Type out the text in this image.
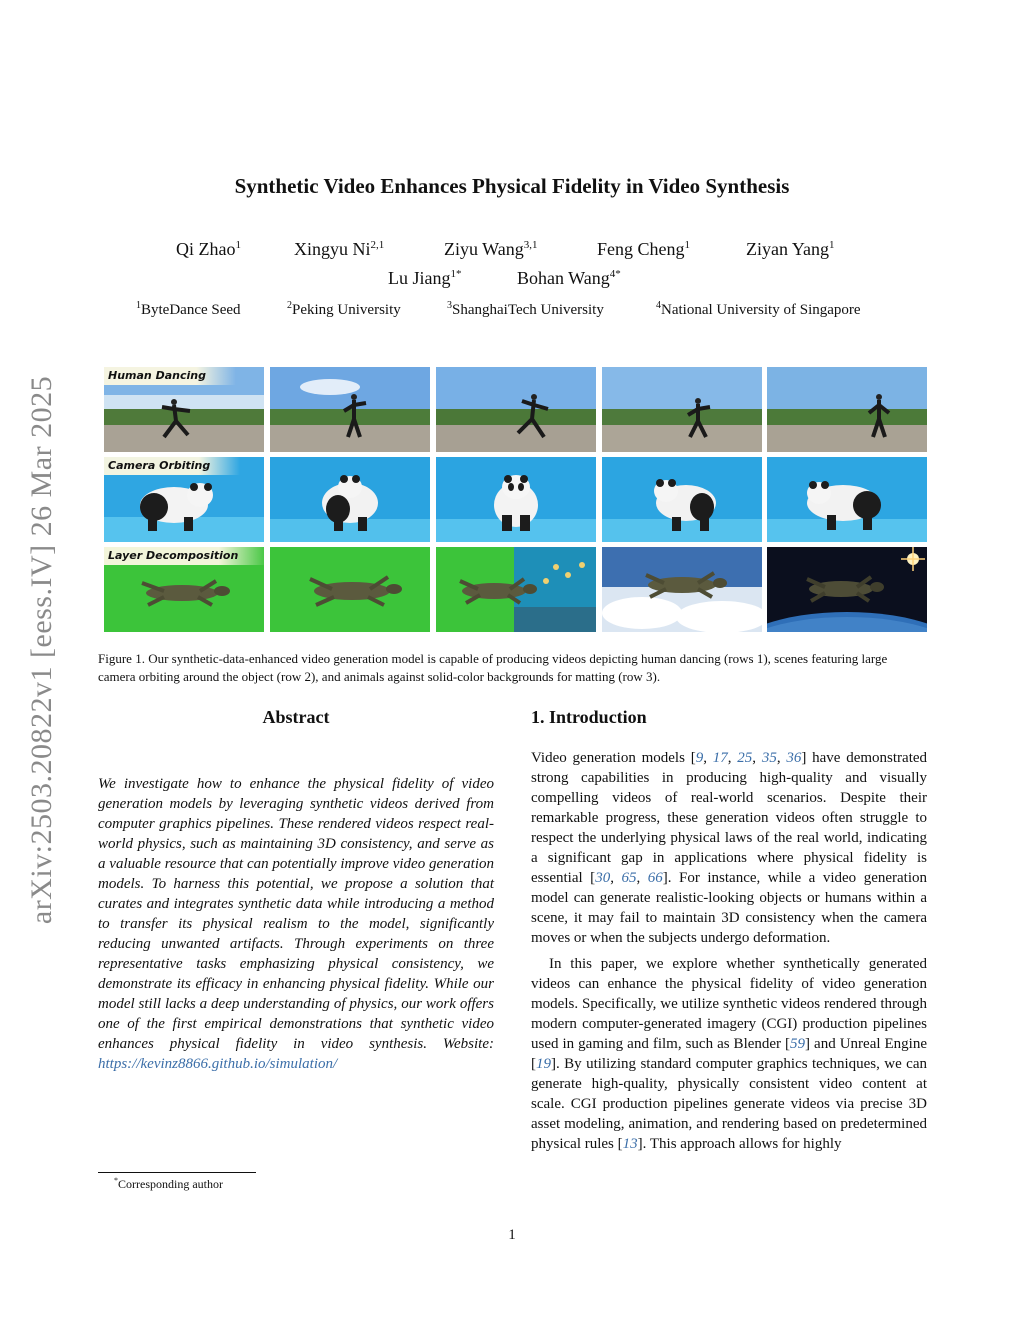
arXiv:2503.20822v1 [eess.IV] 26 Mar 2025
Synthetic Video Enhances Physical Fidelity in Video Synthesis
Qi Zhao$^1$	Xingyu Ni$^{2,1}$	Ziyu Wang$^{3,1}$	Feng Cheng$^1$	Ziyan Yang$^1$
Lu Jiang$^{1*}$	Bohan Wang$^{4*}$
$^1$ByteDance Seed	$^2$Peking University	$^3$ShanghaiTech University	$^4$National University of Singapore
Human Dancing
Camera Orbiting
Layer Decomposition
Figure 1. Our synthetic-data-enhanced video generation model is capable of producing videos depicting human dancing (rows 1), scenes featuring large camera orbiting around the object (row 2), and animals against solid-color backgrounds for matting (row 3).
Abstract
We investigate how to enhance the physical fidelity of video generation models by leveraging synthetic videos derived from computer graphics pipelines. These rendered videos respect real-world physics, such as maintaining 3D consistency, and serve as a valuable resource that can potentially improve video generation models. To harness this potential, we propose a solution that curates and integrates synthetic data while introducing a method to transfer its physical realism to the model, significantly reducing unwanted artifacts. Through experiments on three representative tasks emphasizing physical consistency, we demonstrate its efficacy in enhancing physical fidelity. While our model still lacks a deep understanding of physics, our work offers one of the first empirical demonstrations that synthetic video enhances physical fidelity in video synthesis. Website: https://kevinz8866.github.io/simulation/
1. Introduction

Video generation models [9, 17, 25, 35, 36] have demonstrated strong capabilities in producing high-quality and visually compelling videos of real-world scenarios. Despite their remarkable progress, these generation videos often struggle to respect the underlying physical laws of the real world, indicating a significant gap in applications where physical fidelity is essential [30, 65, 66]. For instance, while a video generation model can generate realistic-looking objects or humans within a scene, it may fail to maintain 3D consistency when the camera moves or when the subjects undergo deformation.

In this paper, we explore whether synthetically generated videos can enhance the physical fidelity of video generation models. Specifically, we utilize synthetic videos rendered through modern computer-generated imagery (CGI) production pipelines used in gaming and film, such as Blender [59] and Unreal Engine [19]. By utilizing standard computer graphics techniques, we can generate high-quality, physically consistent video content at scale. CGI production pipelines generate videos via precise 3D asset modeling, animation, and rendering based on predetermined physical rules [13]. This approach allows for highly

*Corresponding author
1
